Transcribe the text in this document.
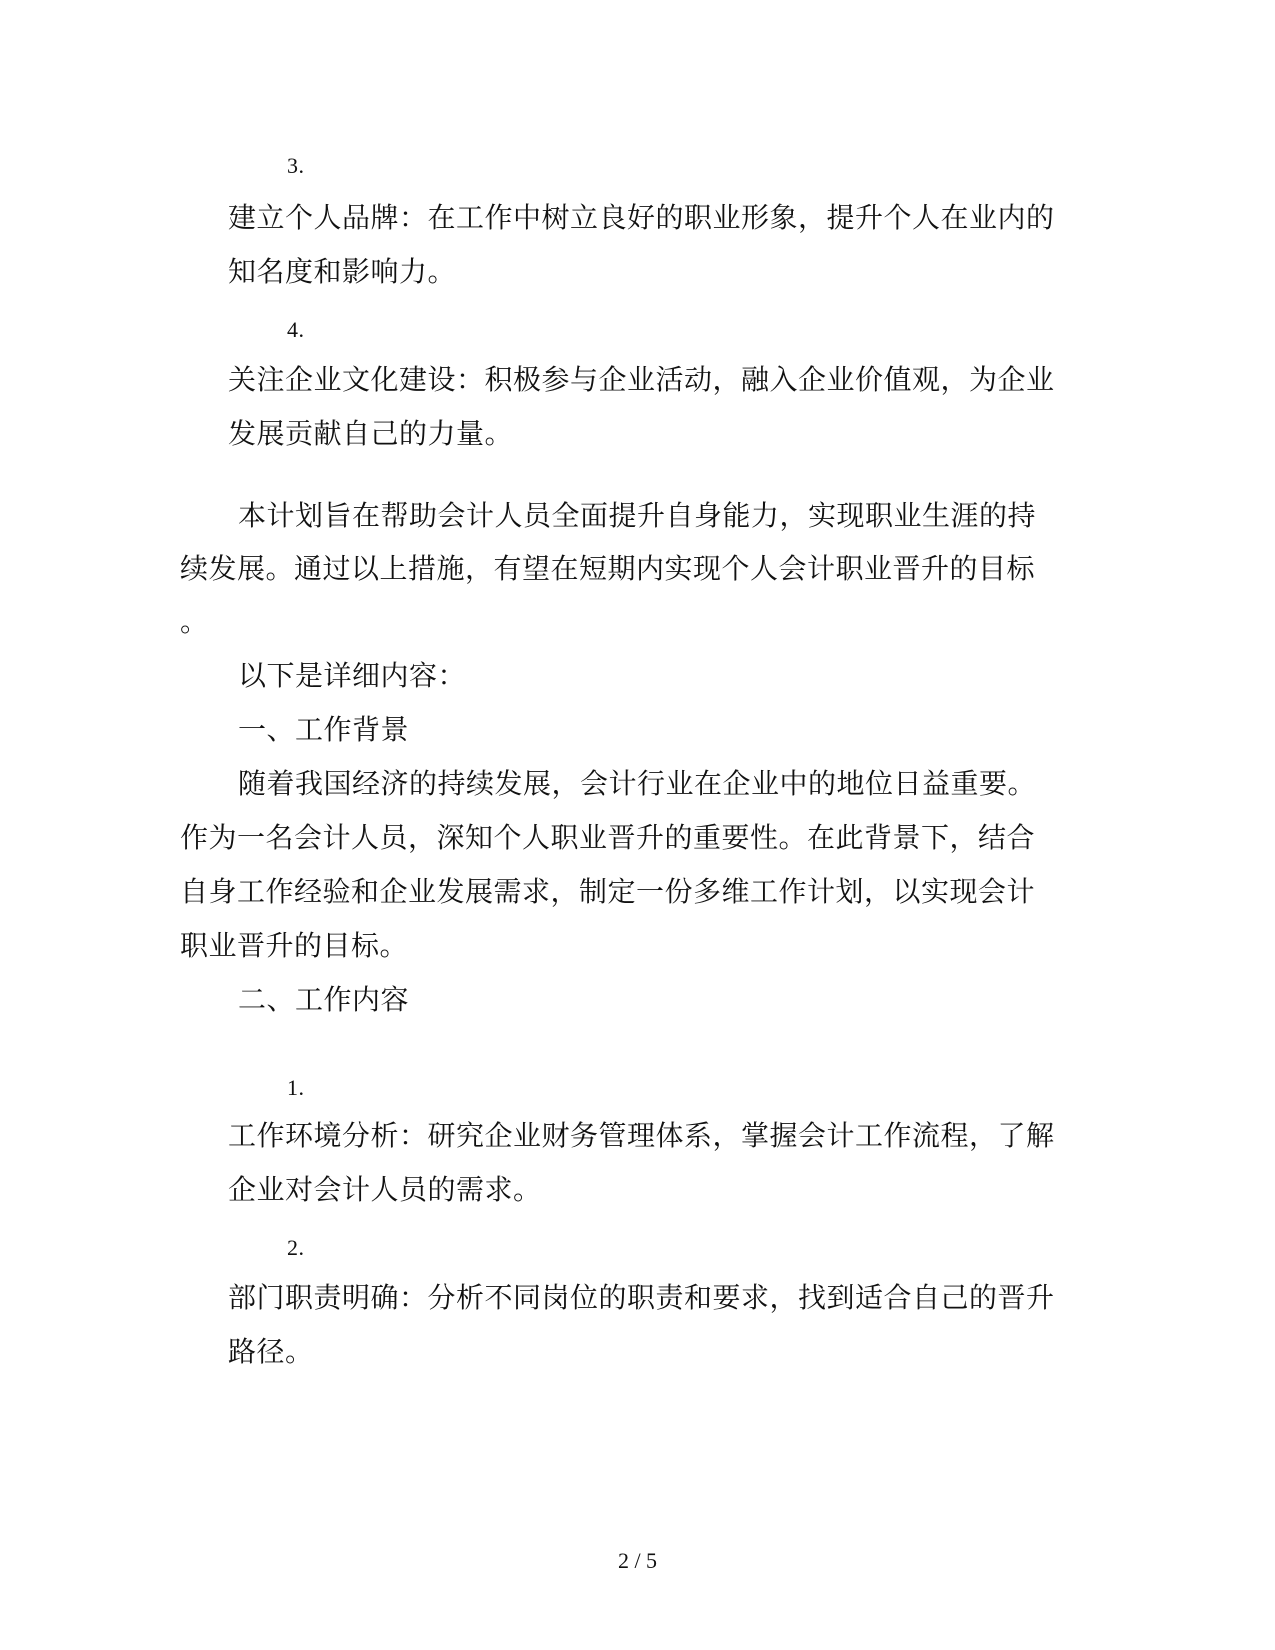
3.
建立个人品牌：在工作中树立良好的职业形象，提升个人在业内的
知名度和影响力。
4.
关注企业文化建设：积极参与企业活动，融入企业价值观，为企业
发展贡献自己的力量。
本计划旨在帮助会计人员全面提升自身能力，实现职业生涯的持
续发展。通过以上措施，有望在短期内实现个人会计职业晋升的目标
。
以下是详细内容：
一、工作背景
随着我国经济的持续发展，会计行业在企业中的地位日益重要。
作为一名会计人员，深知个人职业晋升的重要性。在此背景下，结合
自身工作经验和企业发展需求，制定一份多维工作计划，以实现会计
职业晋升的目标。
二、工作内容
1.
工作环境分析：研究企业财务管理体系，掌握会计工作流程，了解
企业对会计人员的需求。
2.
部门职责明确：分析不同岗位的职责和要求，找到适合自己的晋升
路径。
2 / 5
